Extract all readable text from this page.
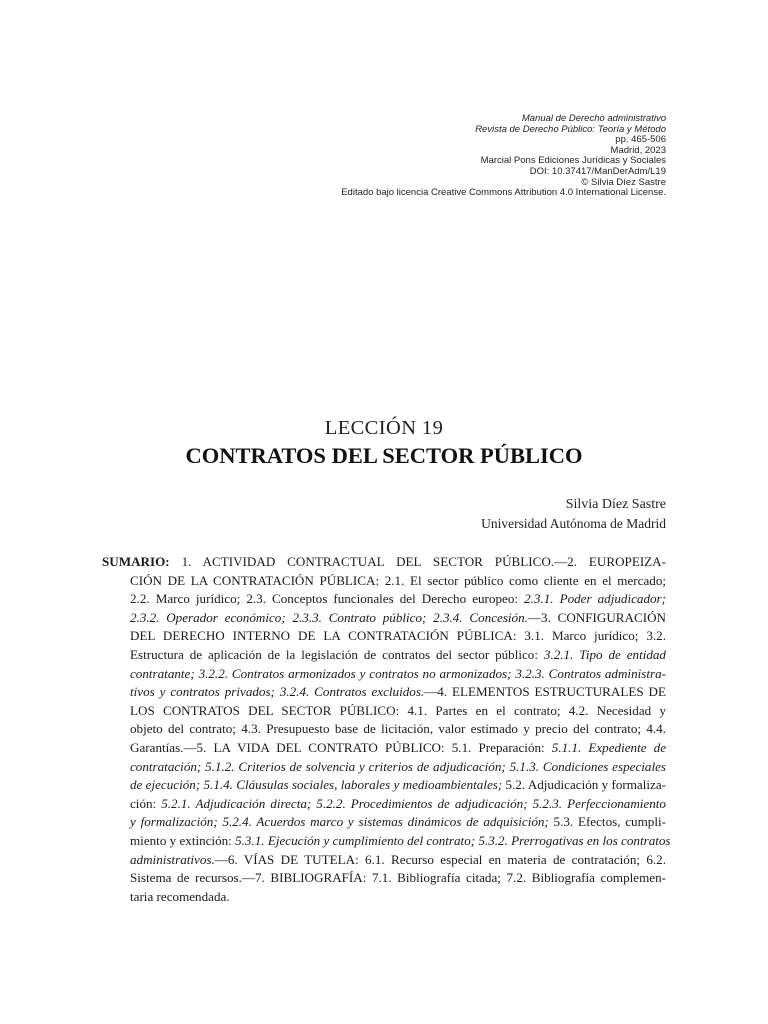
Manual de Derecho administrativo
Revista de Derecho Público: Teoría y Método
pp. 465-506
Madrid, 2023
Marcial Pons Ediciones Jurídicas y Sociales
DOI: 10.37417/ManDerAdm/L19
© Silvia Díez Sastre
Editado bajo licencia Creative Commons Attribution 4.0 International License.
LECCIÓN 19
CONTRATOS DEL SECTOR PÚBLICO
Silvia Díez Sastre
Universidad Autónoma de Madrid
SUMARIO: 1. ACTIVIDAD CONTRACTUAL DEL SECTOR PÚBLICO.—2. EUROPEIZA-
CIÓN DE LA CONTRATACIÓN PÚBLICA: 2.1. El sector público como cliente en el mercado;
2.2. Marco jurídico; 2.3. Conceptos funcionales del Derecho europeo: 2.3.1. Poder adjudicador;
2.3.2. Operador económico; 2.3.3. Contrato público; 2.3.4. Concesión.—3. CONFIGURACIÓN
DEL DERECHO INTERNO DE LA CONTRATACIÓN PÚBLICA: 3.1. Marco jurídico; 3.2.
Estructura de aplicación de la legislación de contratos del sector público: 3.2.1. Tipo de entidad
contratante; 3.2.2. Contratos armonizados y contratos no armonizados; 3.2.3. Contratos administra-
tivos y contratos privados; 3.2.4. Contratos excluidos.—4. ELEMENTOS ESTRUCTURALES DE
LOS CONTRATOS DEL SECTOR PÚBLICO: 4.1. Partes en el contrato; 4.2. Necesidad y
objeto del contrato; 4.3. Presupuesto base de licitación, valor estimado y precio del contrato; 4.4.
Garantías.—5. LA VIDA DEL CONTRATO PÚBLICO: 5.1. Preparación: 5.1.1. Expediente de
contratación; 5.1.2. Criterios de solvencia y criterios de adjudicación; 5.1.3. Condiciones especiales
de ejecución; 5.1.4. Cláusulas sociales, laborales y medioambientales; 5.2. Adjudicación y formaliza-
ción: 5.2.1. Adjudicación directa; 5.2.2. Procedimientos de adjudicación; 5.2.3. Perfeccionamiento
y formalización; 5.2.4. Acuerdos marco y sistemas dinámicos de adquisición; 5.3. Efectos, cumpli-
miento y extinción: 5.3.1. Ejecución y cumplimiento del contrato; 5.3.2. Prerrogativas en los contratos
administrativos.—6. VÍAS DE TUTELA: 6.1. Recurso especial en materia de contratación; 6.2.
Sistema de recursos.—7. BIBLIOGRAFÍA: 7.1. Bibliografía citada; 7.2. Bibliografía complemen-
taria recomendada.
